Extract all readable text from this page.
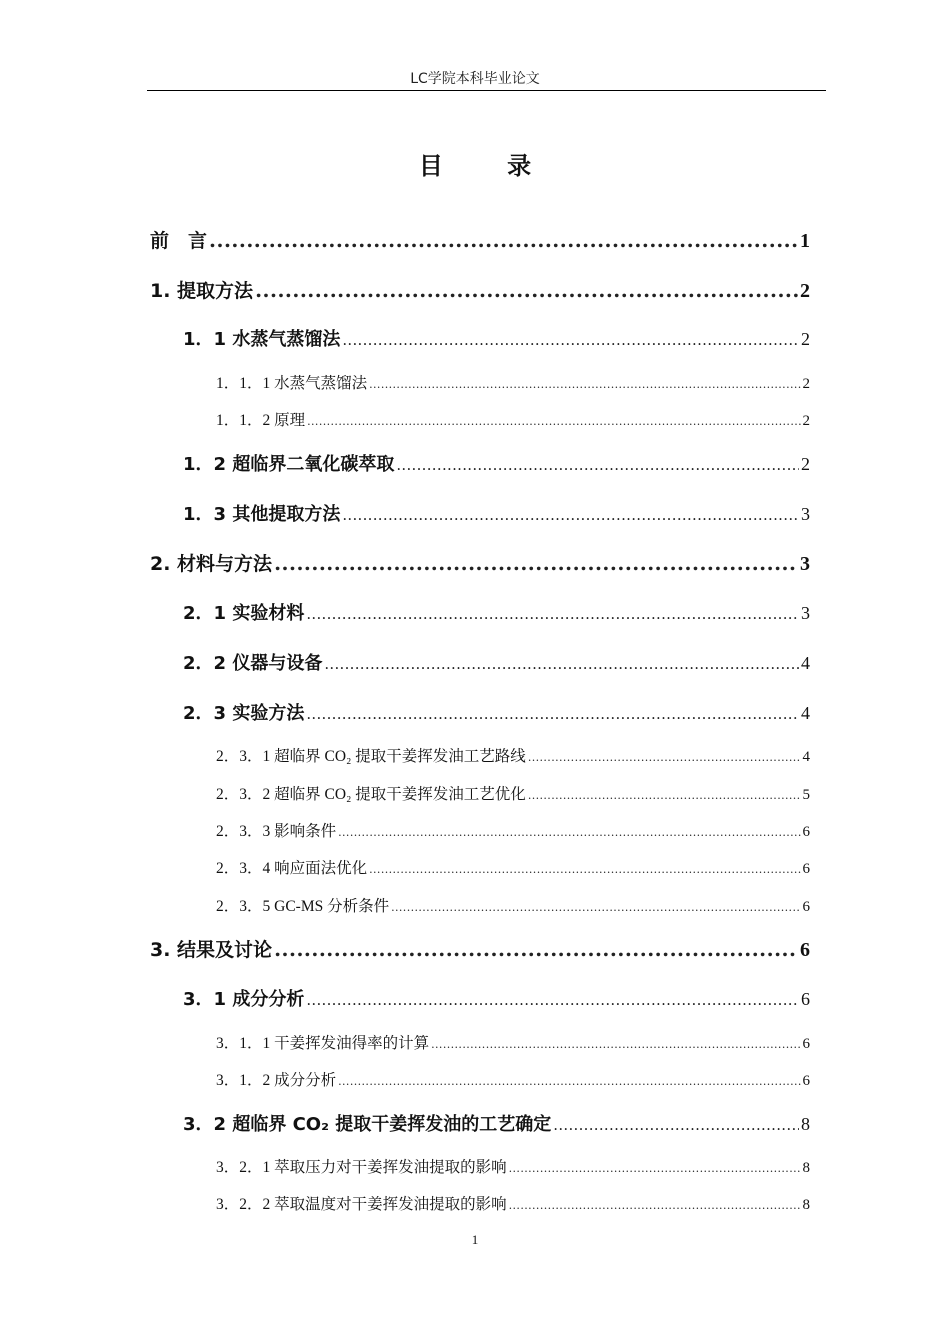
LC学院本科毕业论文
目 录
前　言 .....	1
1. 提取方法 .....	2
1．1 水蒸气蒸馏法 .....	2
1．1．1 水蒸气蒸馏法 .....	2
1．1．2 原理 .....	2
1．2 超临界二氧化碳萃取 .....	2
1．3 其他提取方法 .....	3
2. 材料与方法 .....	3
2．1 实验材料 .....	3
2．2 仪器与设备 .....	4
2．3 实验方法 .....	4
2．3．1 超临界 CO₂ 提取干姜挥发油工艺路线 .....	4
2．3．2 超临界 CO₂ 提取干姜挥发油工艺优化 .....	5
2．3．3 影响条件 .....	6
2．3．4 响应面法优化 .....	6
2．3．5 GC-MS 分析条件 .....	6
3. 结果及讨论 .....	6
3．1 成分分析 .....	6
3．1．1 干姜挥发油得率的计算 .....	6
3．1．2 成分分析 .....	6
3．2 超临界 CO₂ 提取干姜挥发油的工艺确定 .....	8
3．2．1 萃取压力对干姜挥发油提取的影响 .....	8
3．2．2 萃取温度对干姜挥发油提取的影响 .....	8
1
